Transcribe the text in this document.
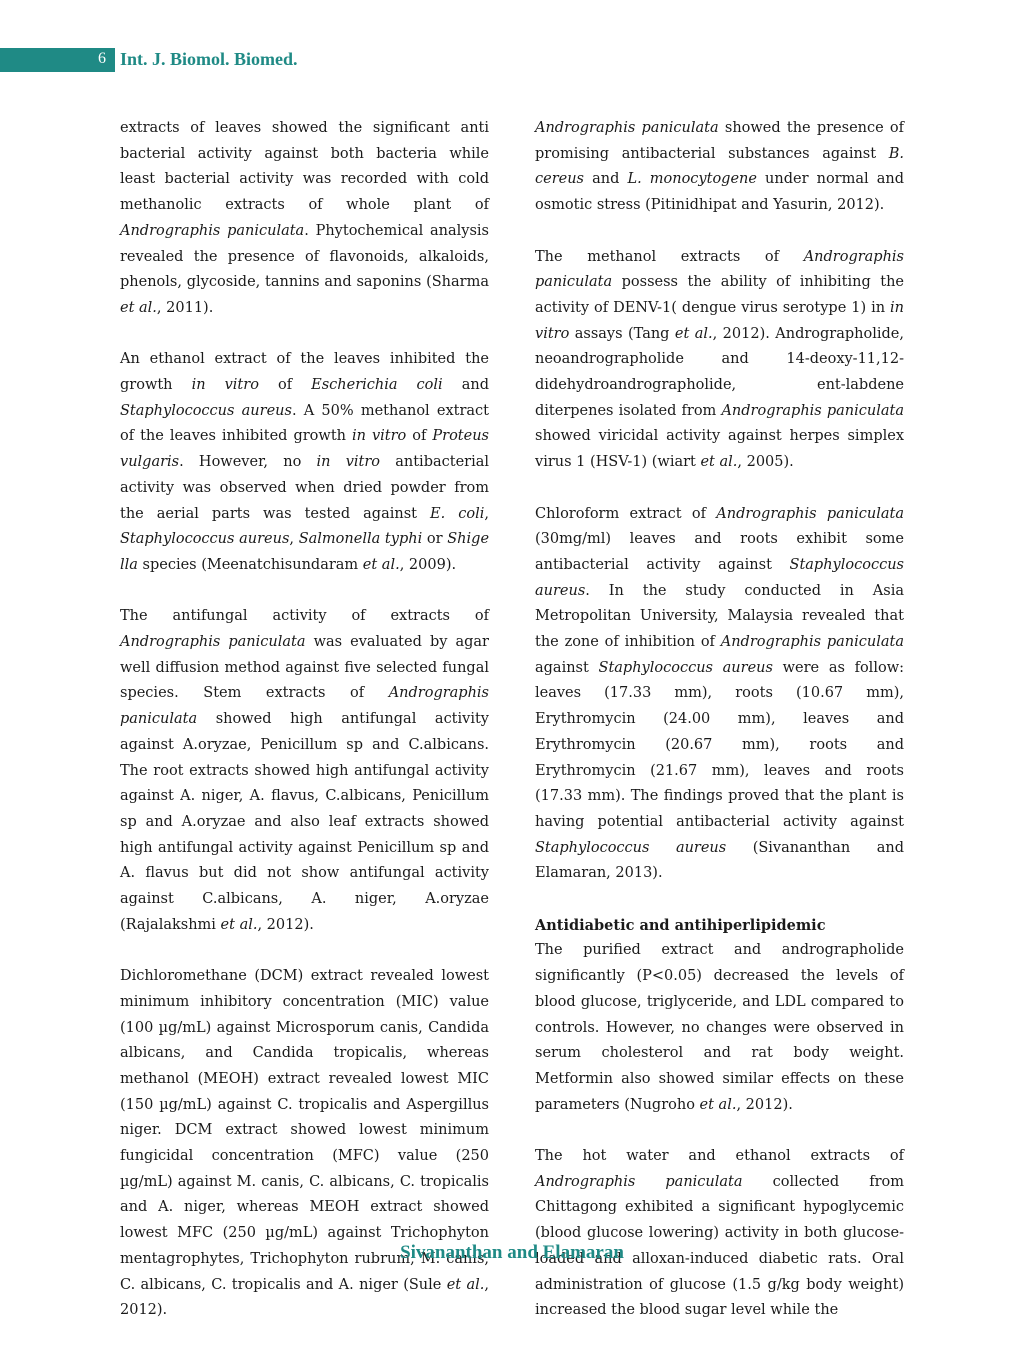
6 Int. J. Biomol. Biomed.

extracts of leaves showed the significant anti bacterial activity against both bacteria while least bacterial activity was recorded with cold methanolic extracts of whole plant of Andrographis paniculata. Phytochemical analysis revealed the presence of flavonoids, alkaloids, phenols, glycoside, tannins and saponins (Sharma et al., 2011).

An ethanol extract of the leaves inhibited the growth in vitro of Escherichia coli and Staphylococcus aureus. A 50% methanol extract of the leaves inhibited growth in vitro of Proteus vulgaris. However, no in vitro antibacterial activity was observed when dried powder from the aerial parts was tested against E. coli, Staphylococcus aureus, Salmonella typhi or Shige lla species (Meenatchisundaram et al., 2009).

The antifungal activity of extracts of Andrographis paniculata was evaluated by agar well diffusion method against five selected fungal species. Stem extracts of Andrographis paniculata showed high antifungal activity against A.oryzae, Penicillum sp and C.albicans. The root extracts showed high antifungal activity against A. niger, A. flavus, C.albicans, Penicillum sp and A.oryzae and also leaf extracts showed high antifungal activity against Penicillum sp and A. flavus but did not show antifungal activity against C.albicans, A. niger, A.oryzae (Rajalakshmi et al., 2012).

Dichloromethane (DCM) extract revealed lowest minimum inhibitory concentration (MIC) value (100 µg/mL) against Microsporum canis, Candida albicans, and Candida tropicalis, whereas methanol (MEOH) extract revealed lowest MIC (150 µg/mL) against C. tropicalis and Aspergillus niger. DCM extract showed lowest minimum fungicidal concentration (MFC) value (250 µg/mL) against M. canis, C. albicans, C. tropicalis and A. niger, whereas MEOH extract showed lowest MFC (250 µg/mL) against Trichophyton mentagrophytes, Trichophyton rubrum, M. canis, C. albicans, C. tropicalis and A. niger (Sule et al., 2012).

Andrographis paniculata showed the presence of promising antibacterial substances against B. cereus and L. monocytogene under normal and osmotic stress (Pitinidhipat and Yasurin, 2012).

The methanol extracts of Andrographis paniculata possess the ability of inhibiting the activity of DENV-1( dengue virus serotype 1) in in vitro assays (Tang et al., 2012). Andrographolide, neoandrographolide and 14-deoxy-11,12-didehydroandrographolide, ent-labdene diterpenes isolated from Andrographis paniculata showed viricidal activity against herpes simplex virus 1 (HSV-1) (wiart et al., 2005).

Chloroform extract of Andrographis paniculata (30mg/ml) leaves and roots exhibit some antibacterial activity against Staphylococcus aureus. In the study conducted in Asia Metropolitan University, Malaysia revealed that the zone of inhibition of Andrographis paniculata against Staphylococcus aureus were as follow: leaves (17.33 mm), roots (10.67 mm), Erythromycin (24.00 mm), leaves and Erythromycin (20.67 mm), roots and Erythromycin (21.67 mm), leaves and roots (17.33 mm). The findings proved that the plant is having potential antibacterial activity against Staphylococcus aureus (Sivananthan and Elamaran, 2013).

Antidiabetic and antihiperlipidemic

The purified extract and andrographolide significantly (P<0.05) decreased the levels of blood glucose, triglyceride, and LDL compared to controls. However, no changes were observed in serum cholesterol and rat body weight. Metformin also showed similar effects on these parameters (Nugroho et al., 2012).

The hot water and ethanol extracts of Andrographis paniculata collected from Chittagong exhibited a significant hypoglycemic (blood glucose lowering) activity in both glucose-loaded and alloxan-induced diabetic rats. Oral administration of glucose (1.5 g/kg body weight) increased the blood sugar level while the

Sivananthan and Elamaran
